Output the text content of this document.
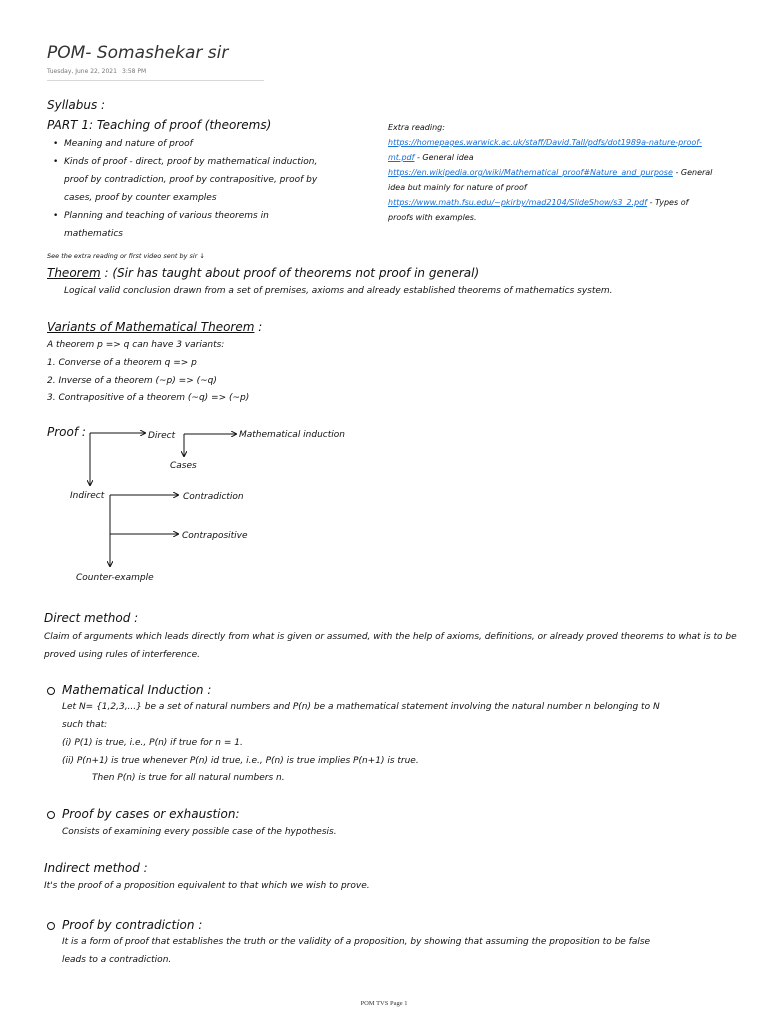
POM- Somashekar sir
Tuesday, June 22, 2021 3:58 PM
Syllabus :
PART 1: Teaching of proof (theorems)
• Meaning and nature of proof
• Kinds of proof - direct, proof by mathematical induction,
proof by contradiction, proof by contrapositive, proof by
cases, proof by counter examples
• Planning and teaching of various theorems in
mathematics
See the extra reading or first video sent by sir ↓
Extra reading:
https://homepages.warwick.ac.uk/staff/David.Tall/pdfs/dot1989a-nature-proof-
mt.pdf - General idea
https://en.wikipedia.org/wiki/Mathematical_proof#Nature_and_purpose - General
idea but mainly for nature of proof
https://www.math.fsu.edu/~pkirby/mad2104/SlideShow/s3_2.pdf - Types of
proofs with examples.
Theorem : (Sir has taught about proof of theorems not proof in general)
Logical valid conclusion drawn from a set of premises, axioms and already established theorems of mathematics system.
Variants of Mathematical Theorem :
A theorem p => q can have 3 variants:
1. Converse of a theorem q => p
2. Inverse of a theorem (~p) => (~q)
3. Contrapositive of a theorem (~q) => (~p)
Proof :	Direct	Mathematical induction
Cases
Indirect	Contradiction
Contrapositive
Counter-example
Direct method :
Claim of arguments which leads directly from what is given or assumed, with the help of axioms, definitions, or already proved theorems to what is to be proved using rules of interference.
Mathematical Induction :
Let N= {1,2,3,...} be a set of natural numbers and P(n) be a mathematical statement involving the natural number n belonging to N
such that:
(i) P(1) is true, i.e., P(n) if true for n = 1.
(ii) P(n+1) is true whenever P(n) id true, i.e., P(n) is true implies P(n+1) is true.
Then P(n) is true for all natural numbers n.
Proof by cases or exhaustion:
Consists of examining every possible case of the hypothesis.
Indirect method :
It's the proof of a proposition equivalent to that which we wish to prove.
Proof by contradiction :
It is a form of proof that establishes the truth or the validity of a proposition, by showing that assuming the proposition to be false
leads to a contradiction.
POM TVS Page 1
